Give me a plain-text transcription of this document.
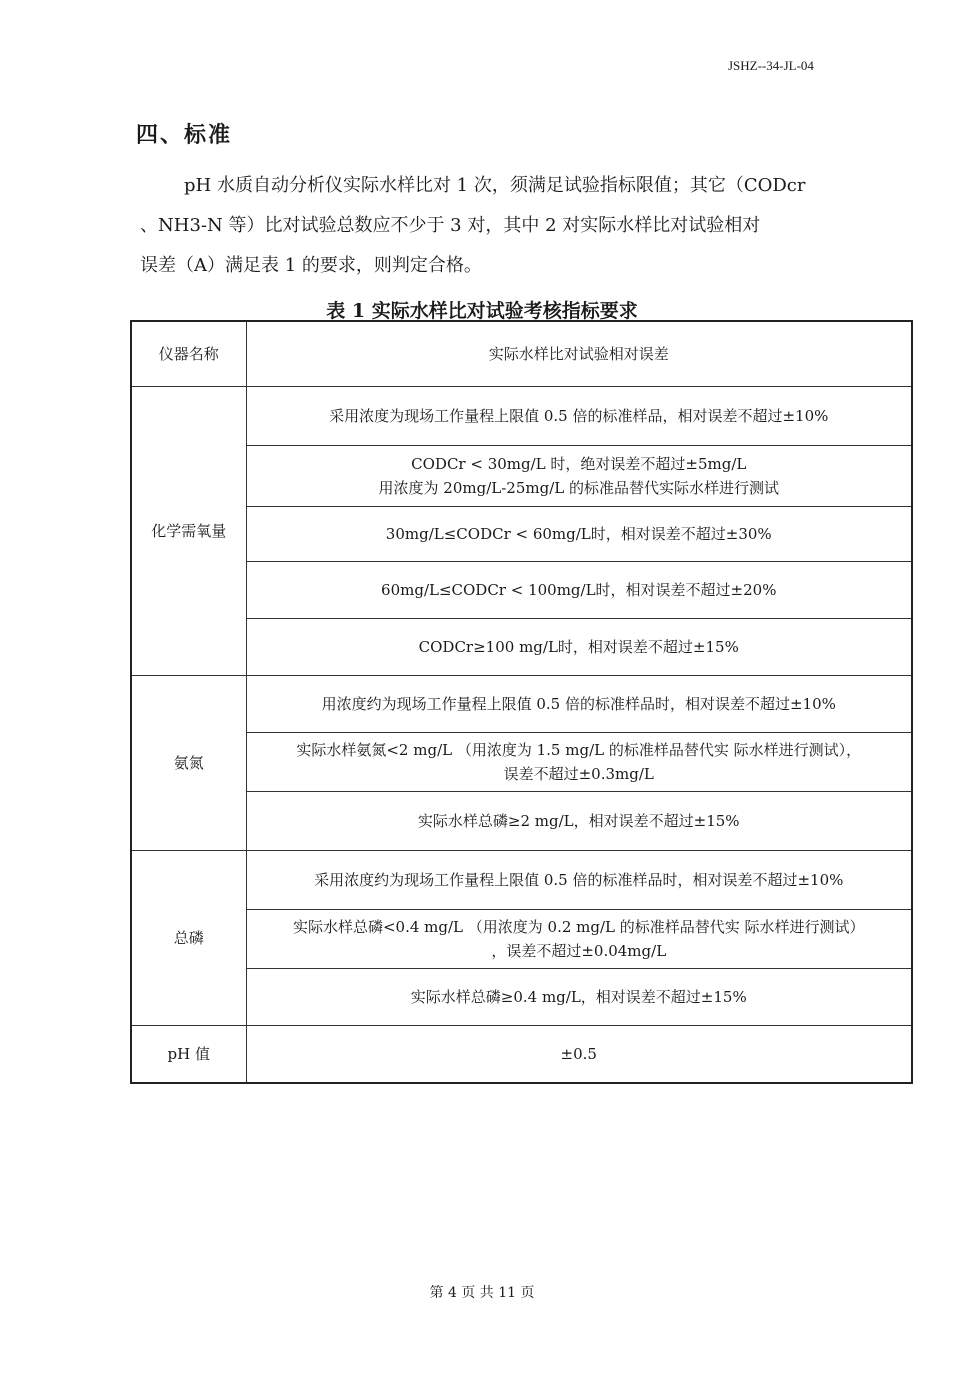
JSHZ--34-JL-04
四、标准
pH 水质自动分析仪实际水样比对 1 次，须满足试验指标限值；其它（CODcr
、NH3-N 等）比对试验总数应不少于 3 对，其中 2 对实际水样比对试验相对
误差（A）满足表 1 的要求，则判定合格。
表 1 实际水样比对试验考核指标要求
仪器名称	实际水样比对试验相对误差
化学需氧量	采用浓度为现场工作量程上限值 0.5 倍的标准样品，相对误差不超过±10%

	CODCr < 30mg/L 时，绝对误差不超过±5mg/L
用浓度为 20mg/L-25mg/L 的标准品替代实际水样进行测试

	30mg/L≤CODCr < 60mg/L时，相对误差不超过±30%
	60mg/L≤CODCr < 100mg/L时，相对误差不超过±20%
	CODCr≥100 mg/L时，相对误差不超过±15%
氨氮	用浓度约为现场工作量程上限值 0.5 倍的标准样品时，相对误差不超过±10%

	实际水样氨氮<2 mg/L （用浓度为 1.5 mg/L 的标准样品替代实 际水样进行测试），
误差不超过±0.3mg/L

	实际水样总磷≥2 mg/L，相对误差不超过±15%
总磷	采用浓度约为现场工作量程上限值 0.5 倍的标准样品时，相对误差不超过±10%

	实际水样总磷<0.4 mg/L （用浓度为 0.2 mg/L 的标准样品替代实 际水样进行测试）
，误差不超过±0.04mg/L

	实际水样总磷≥0.4 mg/L，相对误差不超过±15%
pH 值	±0.5
第 4 页 共 11 页
